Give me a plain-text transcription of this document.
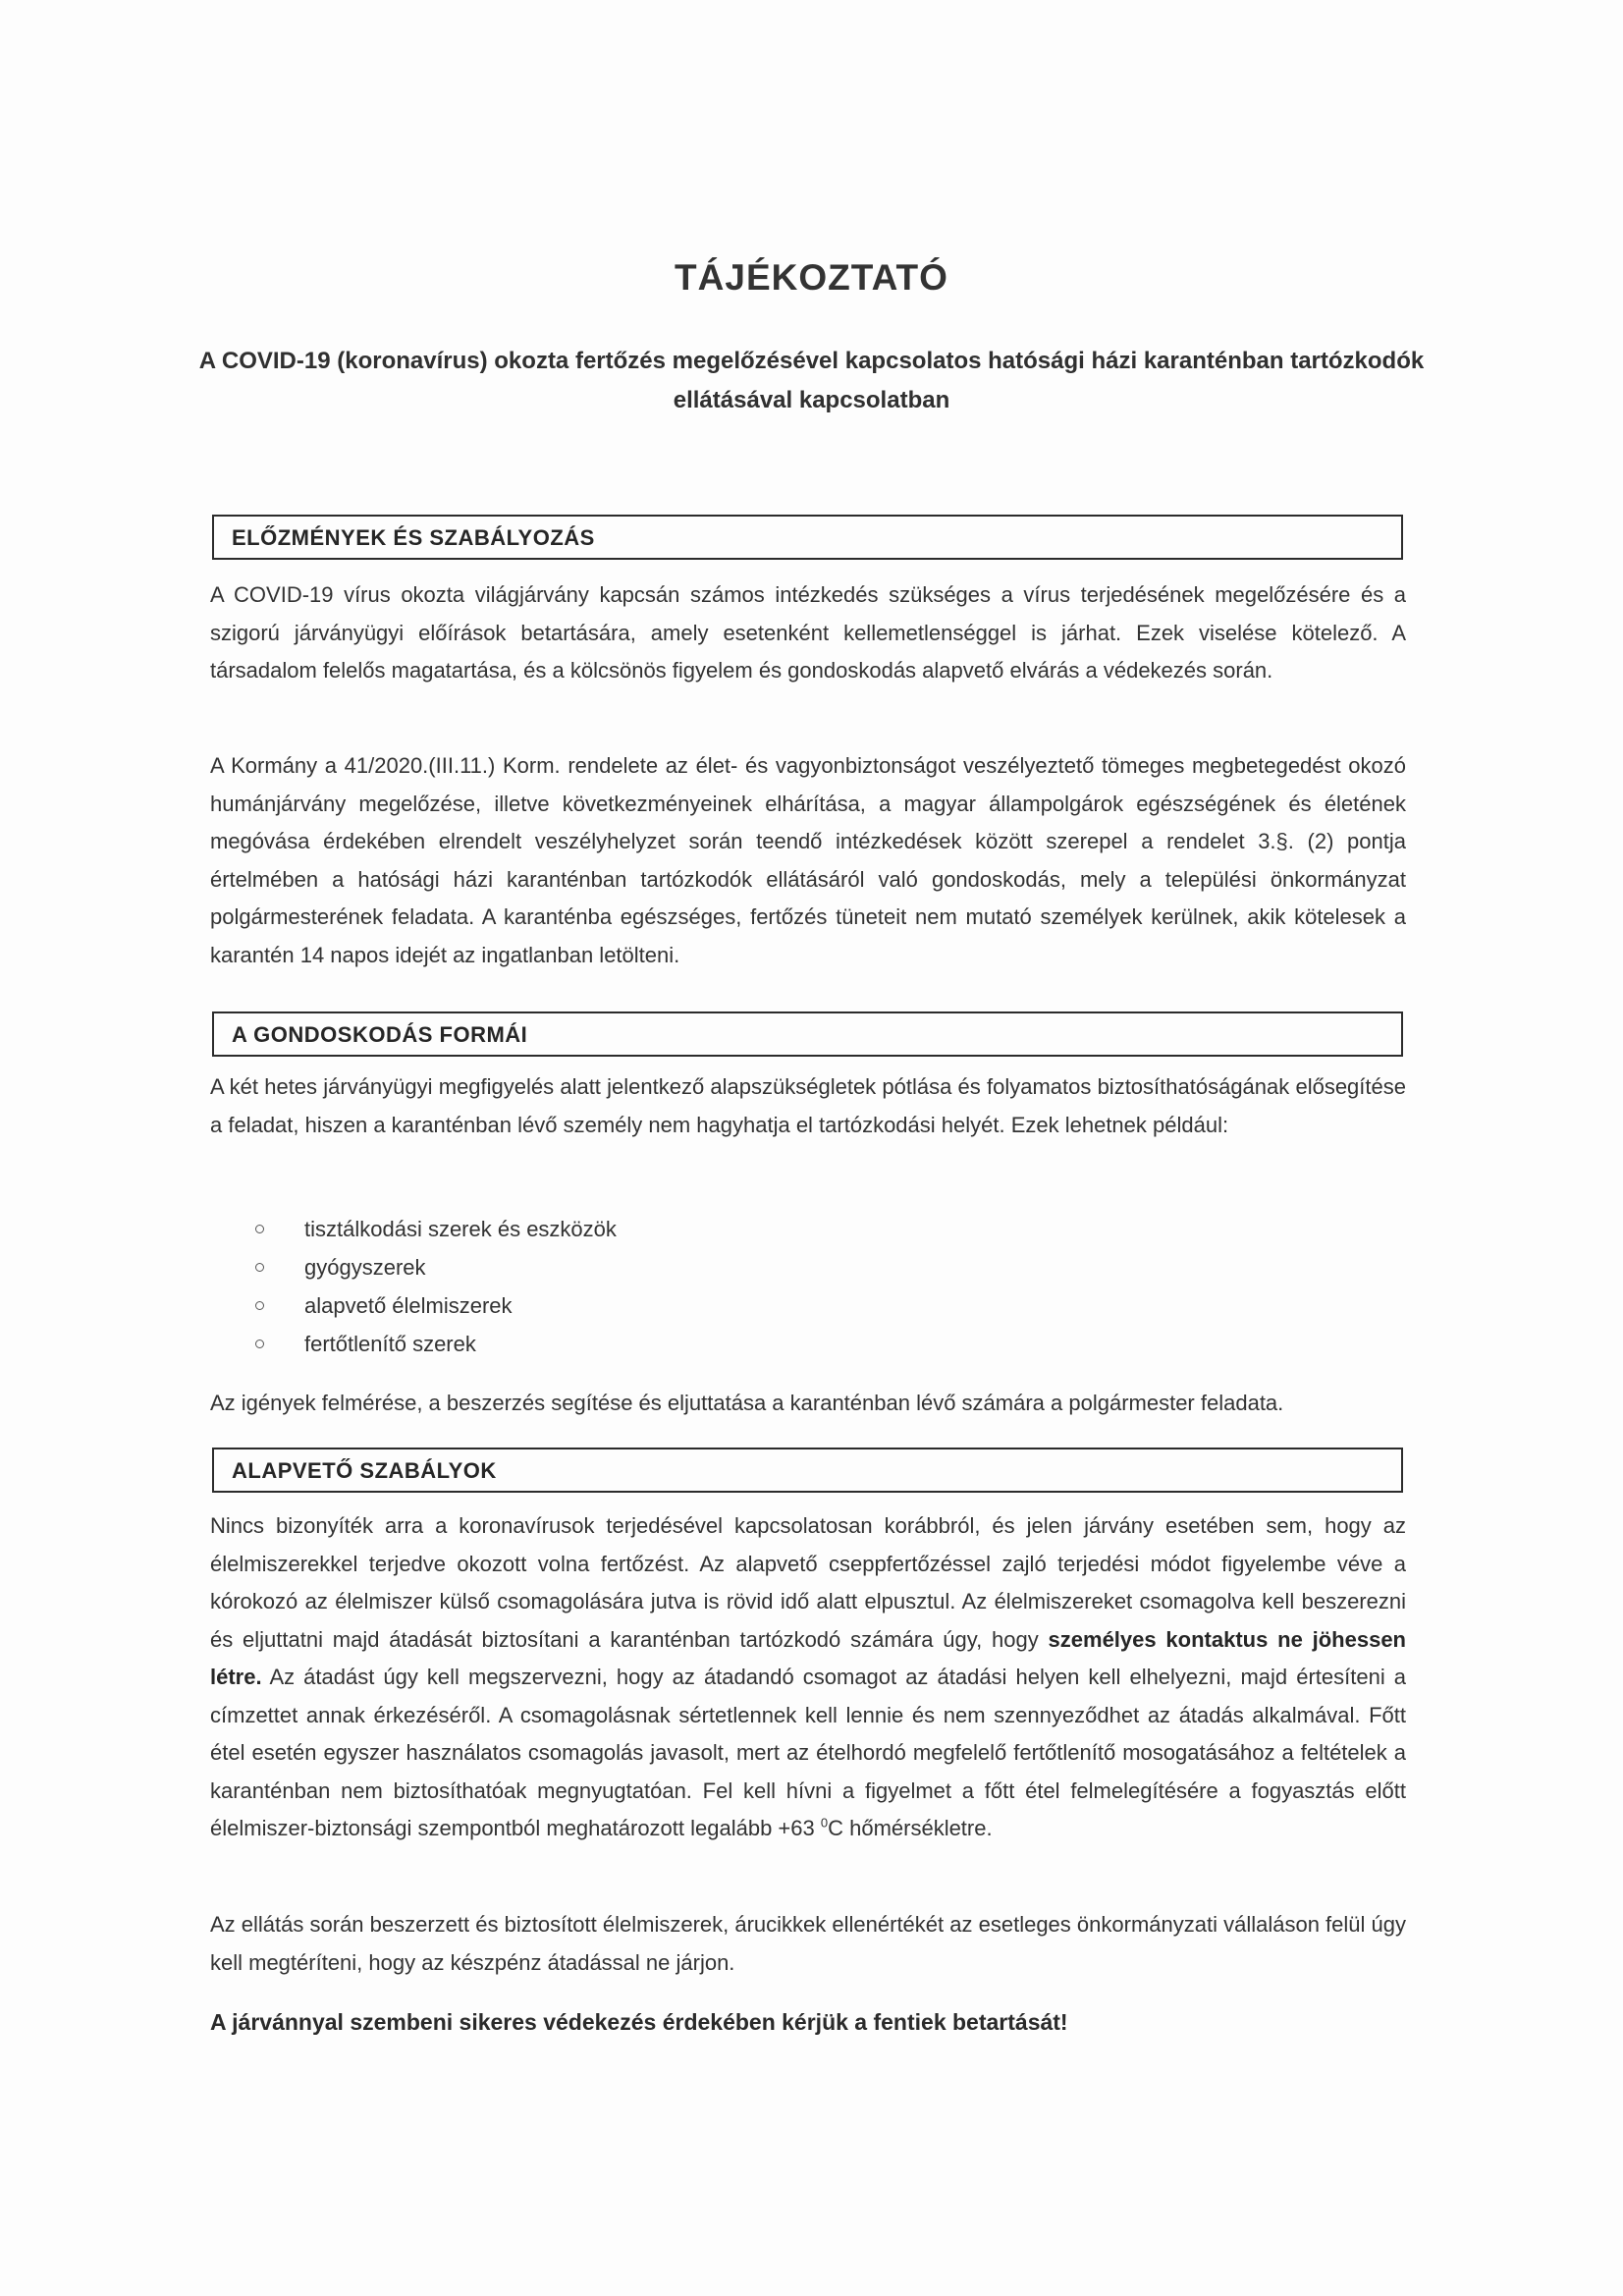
TÁJÉKOZTATÓ
A COVID-19 (koronavírus) okozta fertőzés megelőzésével kapcsolatos hatósági házi karanténban tartózkodók ellátásával kapcsolatban
ELŐZMÉNYEK ÉS SZABÁLYOZÁS

A COVID-19 vírus okozta világjárvány kapcsán számos intézkedés szükséges a vírus terjedésének megelőzésére és a szigorú járványügyi előírások betartására, amely esetenként kellemetlenséggel is járhat. Ezek viselése kötelező. A társadalom felelős magatartása, és a kölcsönös figyelem és gondoskodás alapvető elvárás a védekezés során.

A Kormány a 41/2020.(III.11.) Korm. rendelete az élet- és vagyonbiztonságot veszélyeztető tömeges megbetegedést okozó humánjárvány megelőzése, illetve következményeinek elhárítása, a magyar állampolgárok egészségének és életének megóvása érdekében elrendelt veszélyhelyzet során teendő intézkedések között szerepel a rendelet 3.§. (2) pontja értelmében a hatósági házi karanténban tartózkodók ellátásáról való gondoskodás, mely a települési önkormányzat polgármesterének feladata. A karanténba egészséges, fertőzés tüneteit nem mutató személyek kerülnek, akik kötelesek a karantén 14 napos idejét az ingatlanban letölteni.

A GONDOSKODÁS FORMÁI

A két hetes járványügyi megfigyelés alatt jelentkező alapszükségletek pótlása és folyamatos biztosíthatóságának elősegítése a feladat, hiszen a karanténban lévő személy nem hagyhatja el tartózkodási helyét. Ezek lehetnek például:

tisztálkodási szerek és eszközök
gyógyszerek
alapvető élelmiszerek
fertőtlenítő szerek

Az igények felmérése, a beszerzés segítése és eljuttatása a karanténban lévő számára a polgármester feladata.

ALAPVETŐ SZABÁLYOK

Nincs bizonyíték arra a koronavírusok terjedésével kapcsolatosan korábbról, és jelen járvány esetében sem, hogy az élelmiszerekkel terjedve okozott volna fertőzést. Az alapvető cseppfertőzéssel zajló terjedési módot figyelembe véve a kórokozó az élelmiszer külső csomagolására jutva is rövid idő alatt elpusztul. Az élelmiszereket csomagolva kell beszerezni és eljuttatni majd átadását biztosítani a karanténban tartózkodó számára úgy, hogy személyes kontaktus ne jöhessen létre. Az átadást úgy kell megszervezni, hogy az átadandó csomagot az átadási helyen kell elhelyezni, majd értesíteni a címzettet annak érkezéséről. A csomagolásnak sértetlennek kell lennie és nem szennyeződhet az átadás alkalmával. Főtt étel esetén egyszer használatos csomagolás javasolt, mert az ételhordó megfelelő fertőtlenítő mosogatásához a feltételek a karanténban nem biztosíthatóak megnyugtatóan. Fel kell hívni a figyelmet a főtt étel felmelegítésére a fogyasztás előtt élelmiszer-biztonsági szempontból meghatározott legalább +63 $^0$C hőmérsékletre.

Az ellátás során beszerzett és biztosított élelmiszerek, árucikkek ellenértékét az esetleges önkormányzati vállaláson felül úgy kell megtéríteni, hogy az készpénz átadással ne járjon.

A járvánnyal szembeni sikeres védekezés érdekében kérjük a fentiek betartását!
